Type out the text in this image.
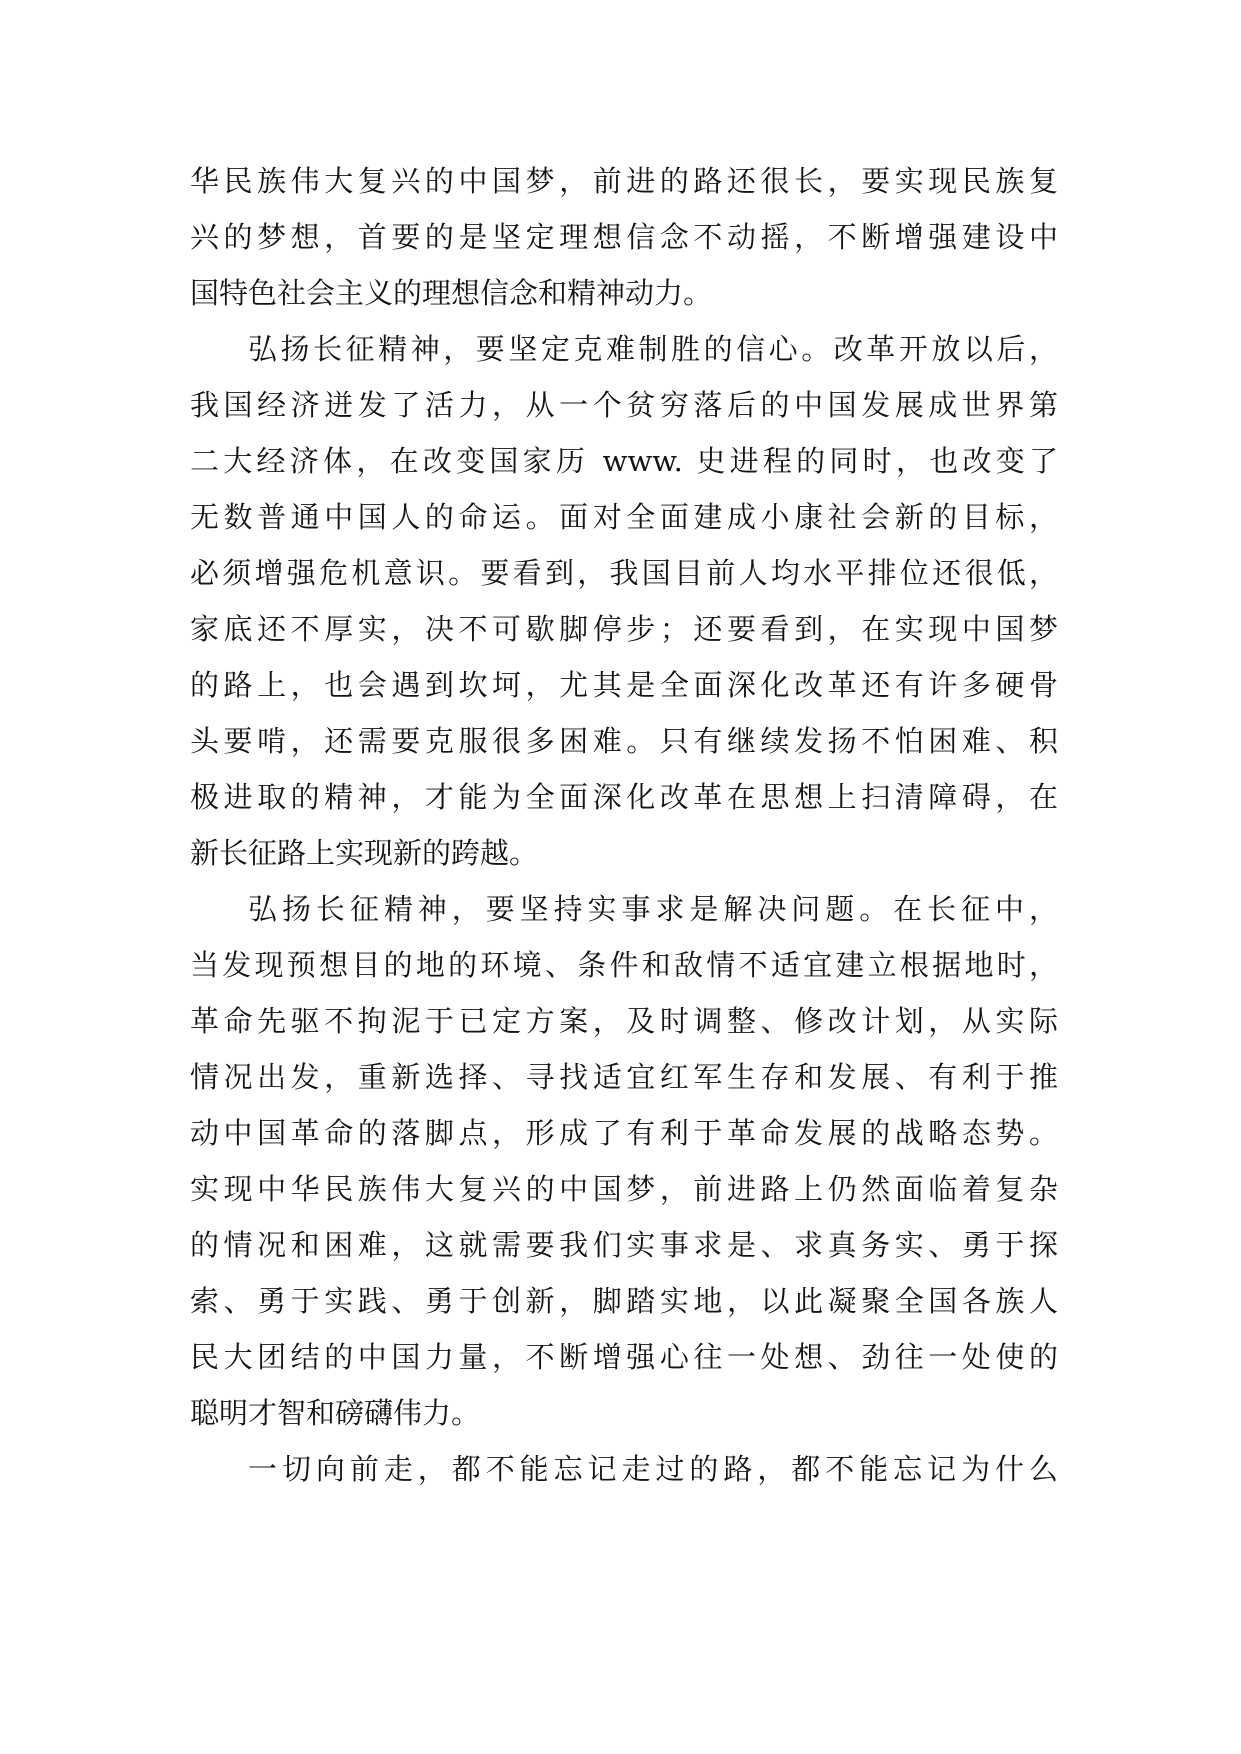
华民族伟大复兴的中国梦，前进的路还很长，要实现民族复
兴的梦想，首要的是坚定理想信念不动摇，不断增强建设中
国特色社会主义的理想信念和精神动力。
弘扬长征精神，要坚定克难制胜的信心。改革开放以后，
我国经济迸发了活力，从一个贫穷落后的中国发展成世界第
二大经济体，在改变国家历 www. 史进程的同时，也改变了
无数普通中国人的命运。面对全面建成小康社会新的目标，
必须增强危机意识。要看到，我国目前人均水平排位还很低，
家底还不厚实，决不可歇脚停步；还要看到，在实现中国梦
的路上，也会遇到坎坷，尤其是全面深化改革还有许多硬骨
头要啃，还需要克服很多困难。只有继续发扬不怕困难、积
极进取的精神，才能为全面深化改革在思想上扫清障碍，在
新长征路上实现新的跨越。
弘扬长征精神，要坚持实事求是解决问题。在长征中，
当发现预想目的地的环境、条件和敌情不适宜建立根据地时，
革命先驱不拘泥于已定方案，及时调整、修改计划，从实际
情况出发，重新选择、寻找适宜红军生存和发展、有利于推
动中国革命的落脚点，形成了有利于革命发展的战略态势。
实现中华民族伟大复兴的中国梦，前进路上仍然面临着复杂
的情况和困难，这就需要我们实事求是、求真务实、勇于探
索、勇于实践、勇于创新，脚踏实地，以此凝聚全国各族人
民大团结的中国力量，不断增强心往一处想、劲往一处使的
聪明才智和磅礴伟力。
一切向前走，都不能忘记走过的路，都不能忘记为什么
